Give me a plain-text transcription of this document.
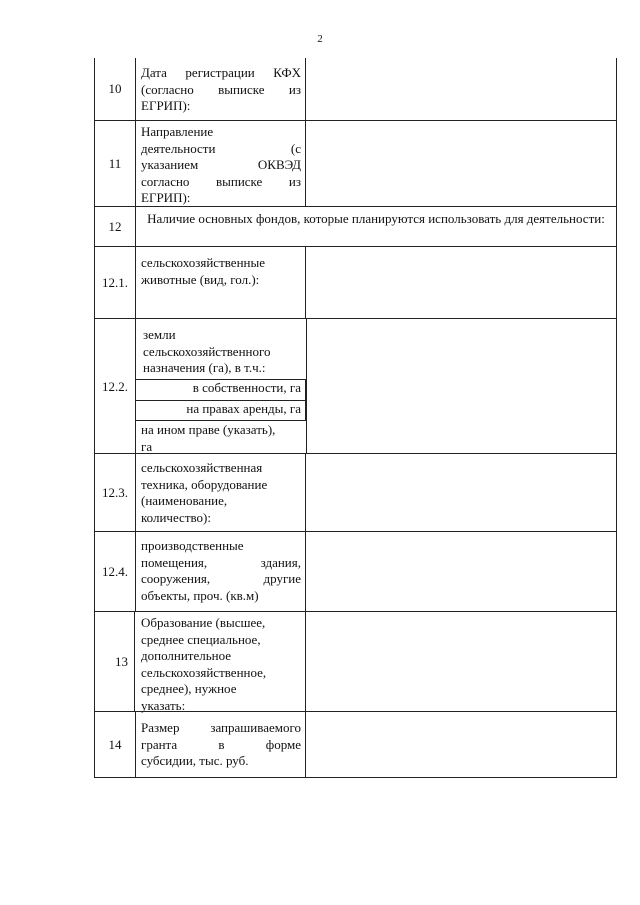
2
10

Дата регистрации КФХ

(согласно выписке из

ЕГРИП):

11

Направление

деятельности (с

указанием ОКВЭД

согласно выписке из

ЕГРИП):

12
Наличие основных фондов, которые планируются использовать для деятельности:
12.1.

сельскохозяйственные

животные (вид, гол.):

12.2.

земли

сельскохозяйственного

назначения (га), в т.ч.:

в собственности, га
на правах аренды, га

на ином праве (указать),

га

12.3.

сельскохозяйственная

техника, оборудование

(наименование,

количество):

12.4.

производственные

помещения, здания,

сооружения, другие

объекты, проч. (кв.м)

13

Образование (высшее,

среднее специальное,

дополнительное

сельскохозяйственное,

среднее), нужное

указать:

14

Размер запрашиваемого

гранта в форме

субсидии, тыс. руб.
